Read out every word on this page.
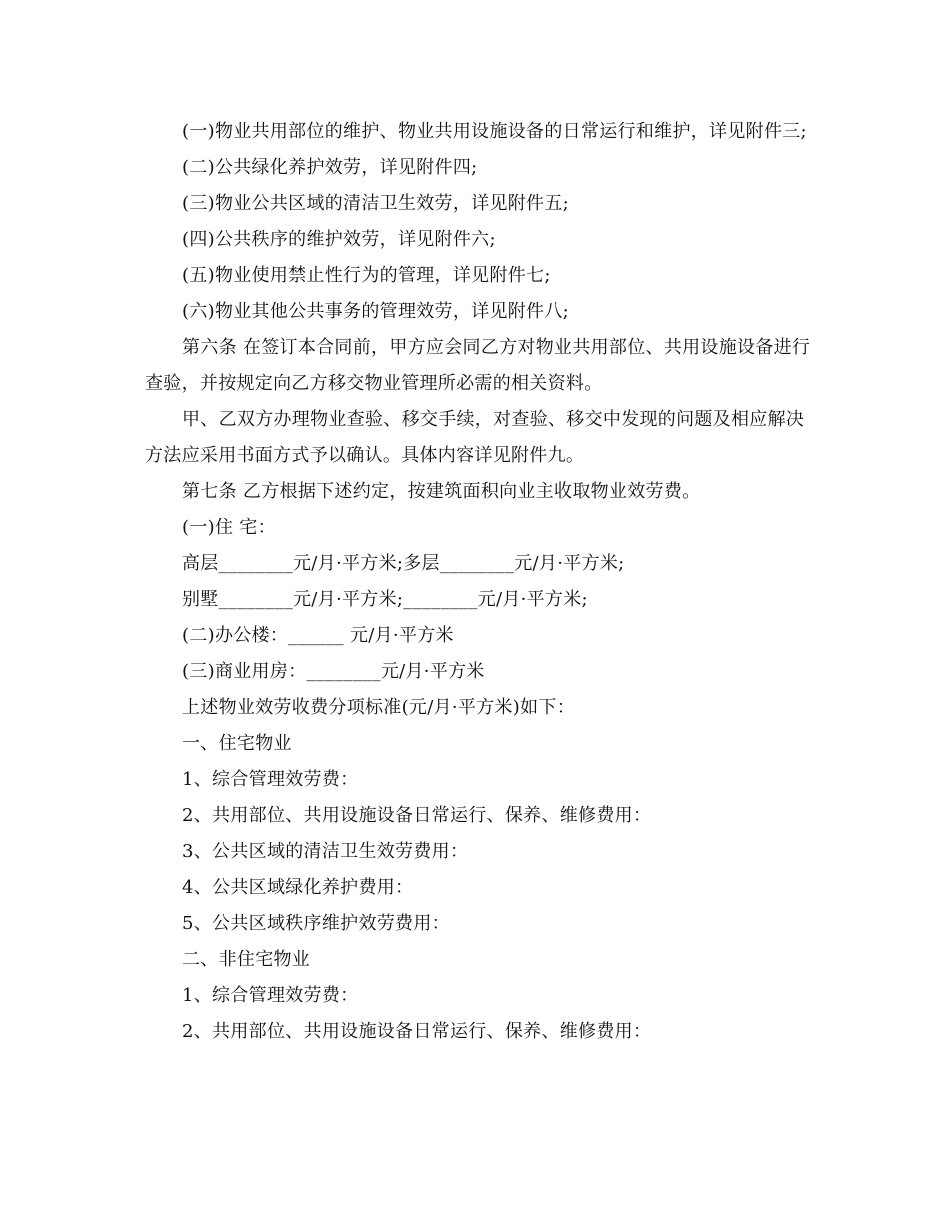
(一)物业共用部位的维护、物业共用设施设备的日常运行和维护，详见附件三;

(二)公共绿化养护效劳，详见附件四;

(三)物业公共区域的清洁卫生效劳，详见附件五;

(四)公共秩序的维护效劳，详见附件六;

(五)物业使用禁止性行为的管理，详见附件七;

(六)物业其他公共事务的管理效劳，详见附件八;

第六条 在签订本合同前，甲方应会同乙方对物业共用部位、共用设施设备进行查验，并按规定向乙方移交物业管理所必需的相关资料。

甲、乙双方办理物业查验、移交手续，对查验、移交中发现的问题及相应解决方法应采用书面方式予以确认。具体内容详见附件九。

第七条 乙方根据下述约定，按建筑面积向业主收取物业效劳费。

(一)住 宅：

高层________元/月·平方米;多层________元/月·平方米;

别墅________元/月·平方米;________元/月·平方米;

(二)办公楼：______ 元/月·平方米

(三)商业用房：________元/月·平方米

上述物业效劳收费分项标准(元/月·平方米)如下：

一、住宅物业

1、综合管理效劳费：

2、共用部位、共用设施设备日常运行、保养、维修费用：

3、公共区域的清洁卫生效劳费用：

4、公共区域绿化养护费用：

5、公共区域秩序维护效劳费用：

二、非住宅物业

1、综合管理效劳费：

2、共用部位、共用设施设备日常运行、保养、维修费用：
